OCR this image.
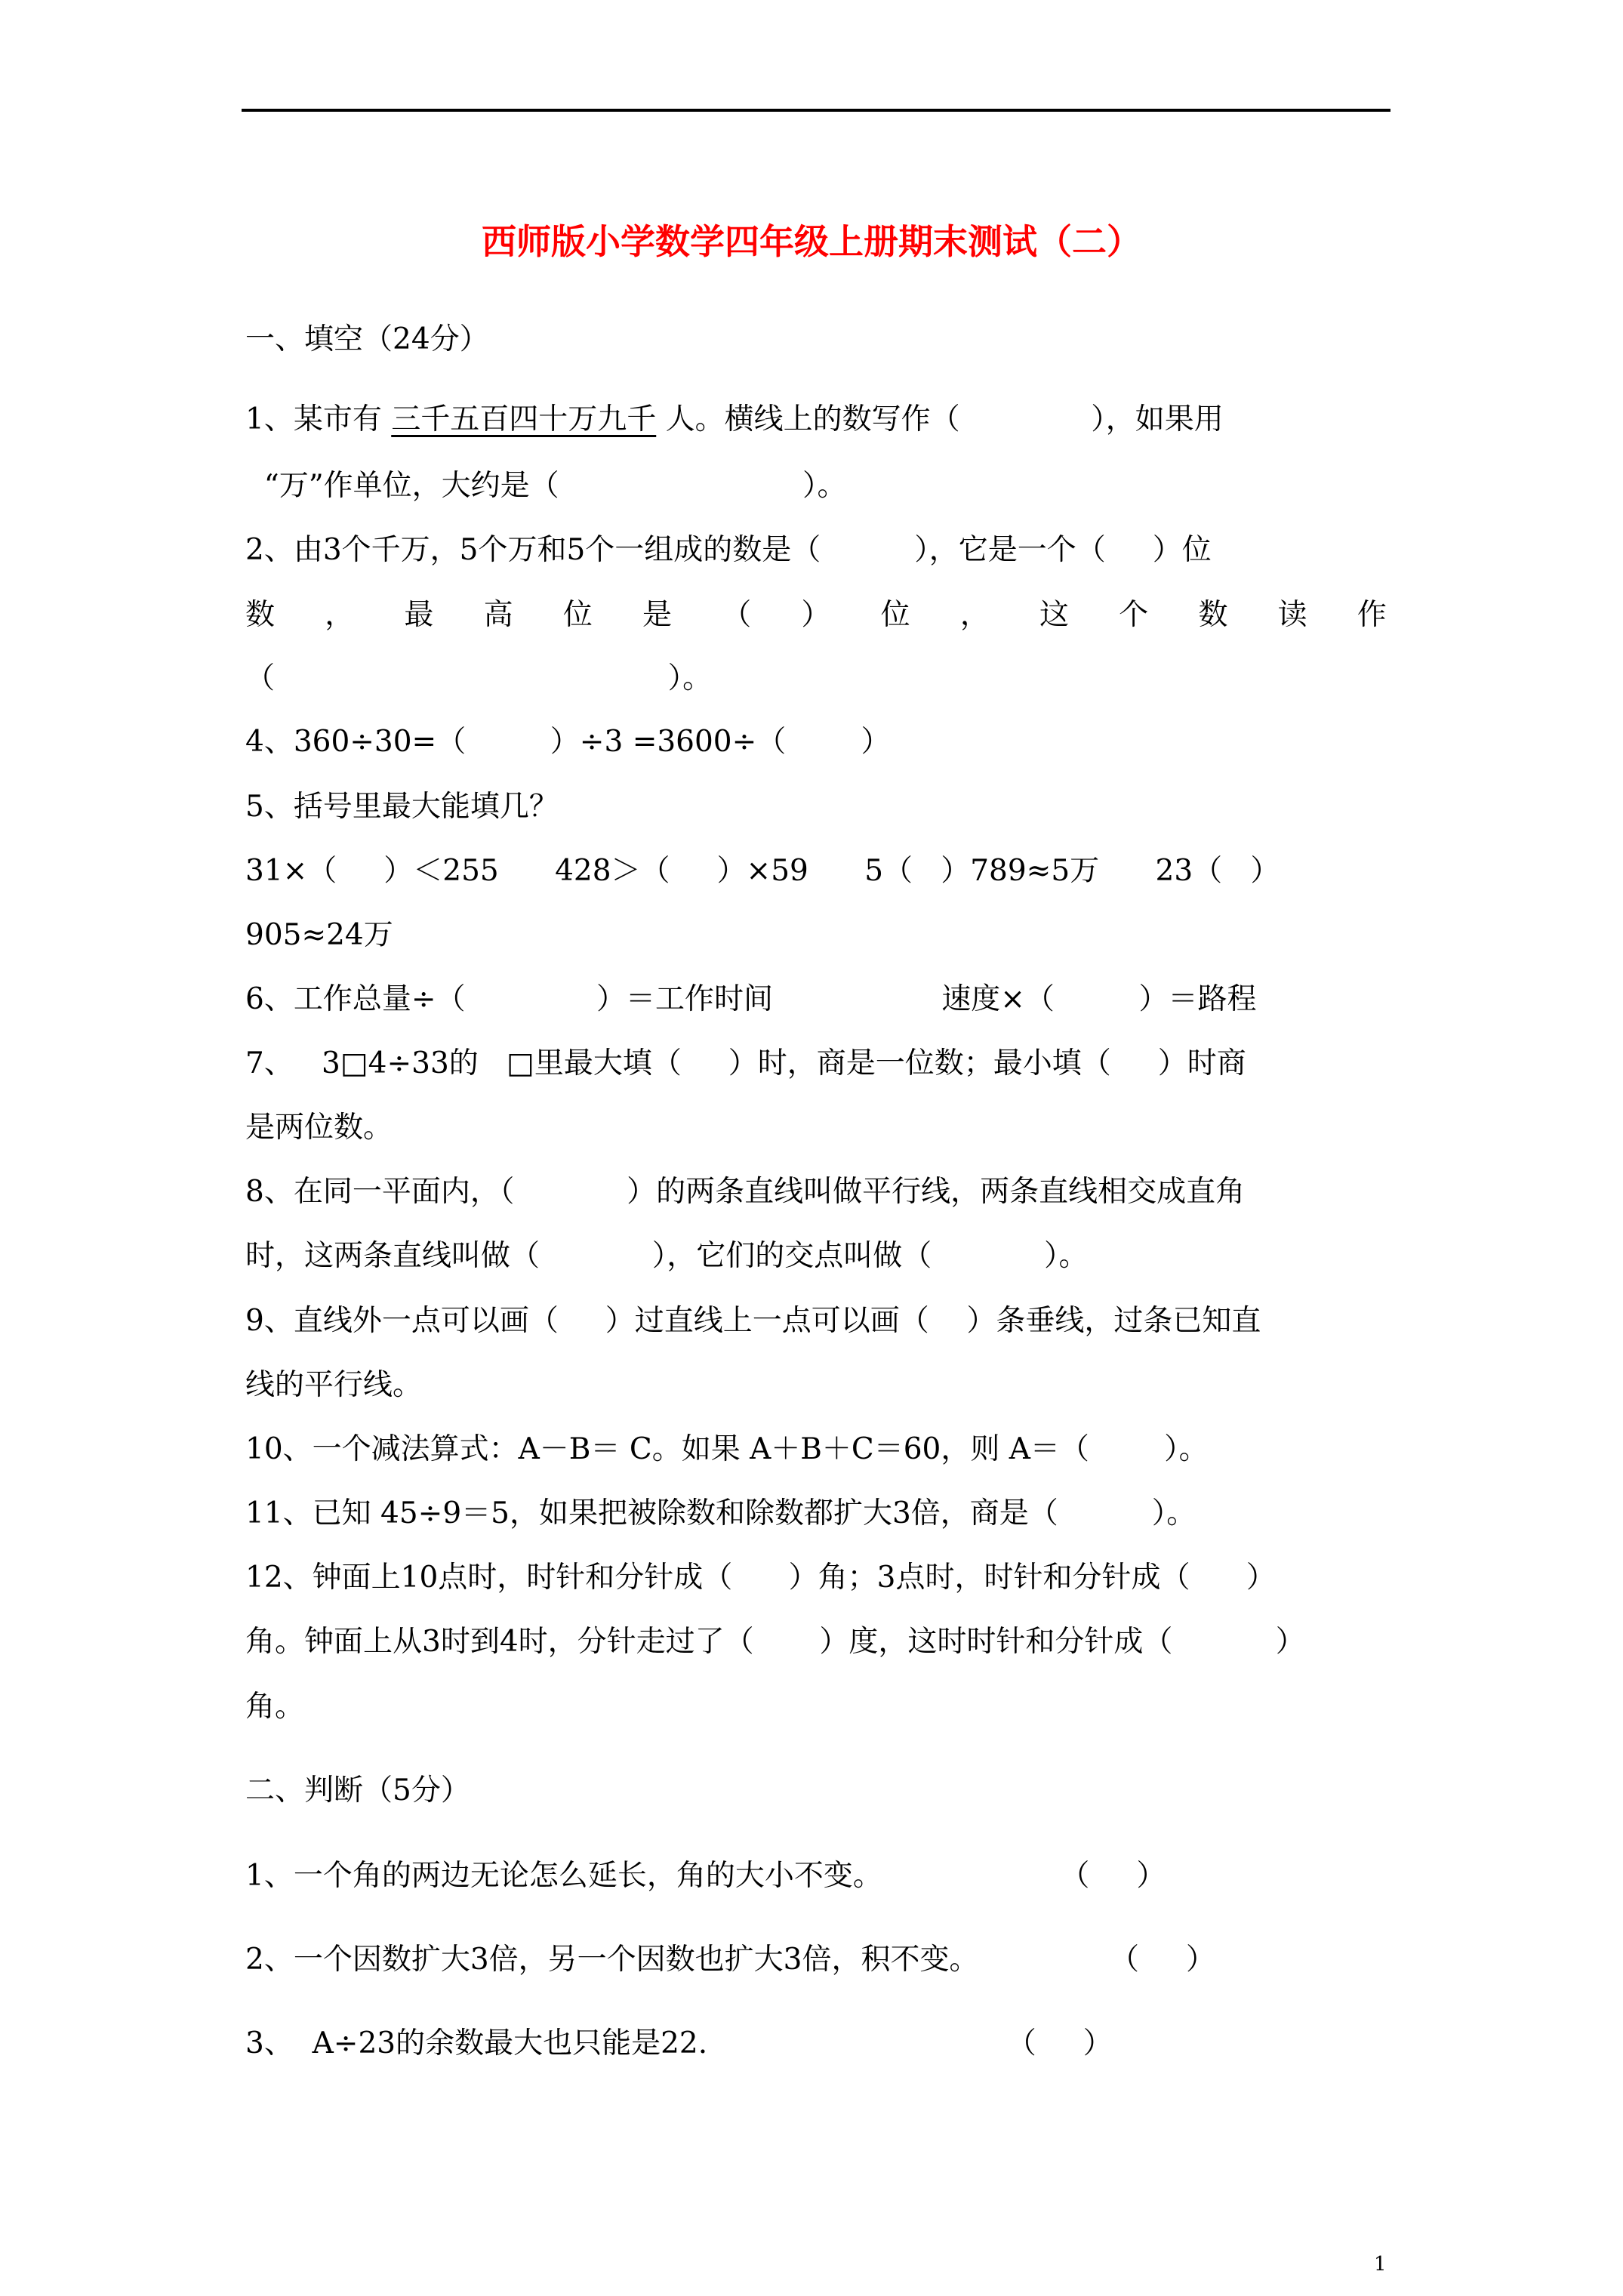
西师版小学数学四年级上册期末测试（二）
一、填空（24分）
1、某市有 三千五百四十万九千 人。横线上的数写作（              ），如果用
“万”作单位，大约是（                          ）。
2、由3个千万，5个万和5个一组成的数是（          ），它是一个（     ）位
数 ， 最 高 位 是 （ ） 位 ， 这 个 数 读 作
（                                          ）。
4、360÷30=（         ）÷3 =3600÷（        ）
5、括号里最大能填几？
31×（     ）＜255      428＞（     ）×59      5（   ）789≈5万      23（   ）
905≈24万
6、工作总量÷（              ）＝工作时间                  速度×（         ）＝路程
7、   3□4÷33的   □里最大填（     ）时，商是一位数；最小填（     ）时商
是两位数。
8、在同一平面内，（            ）的两条直线叫做平行线，两条直线相交成直角
时，这两条直线叫做（            ），它们的交点叫做（            ）。
9、直线外一点可以画（     ）过直线上一点可以画（    ）条垂线，过条已知直
线的平行线。
10、一个减法算式：A－B＝ C。如果 A＋B＋C＝60，则 A＝（        ）。
11、已知 45÷9＝5，如果把被除数和除数都扩大3倍，商是（          ）。
12、钟面上10点时，时针和分针成（      ）角；3点时，时针和分针成（      ）
角。钟面上从3时到4时，分针走过了（       ）度，这时时针和分针成（           ）
角。
二、判断（5分）
1、一个角的两边无论怎么延长，角的大小不变。                   （     ）
2、一个因数扩大3倍，另一个因数也扩大3倍，积不变。              （     ）
3、  A÷23的余数最大也只能是22.                                （     ）
1
